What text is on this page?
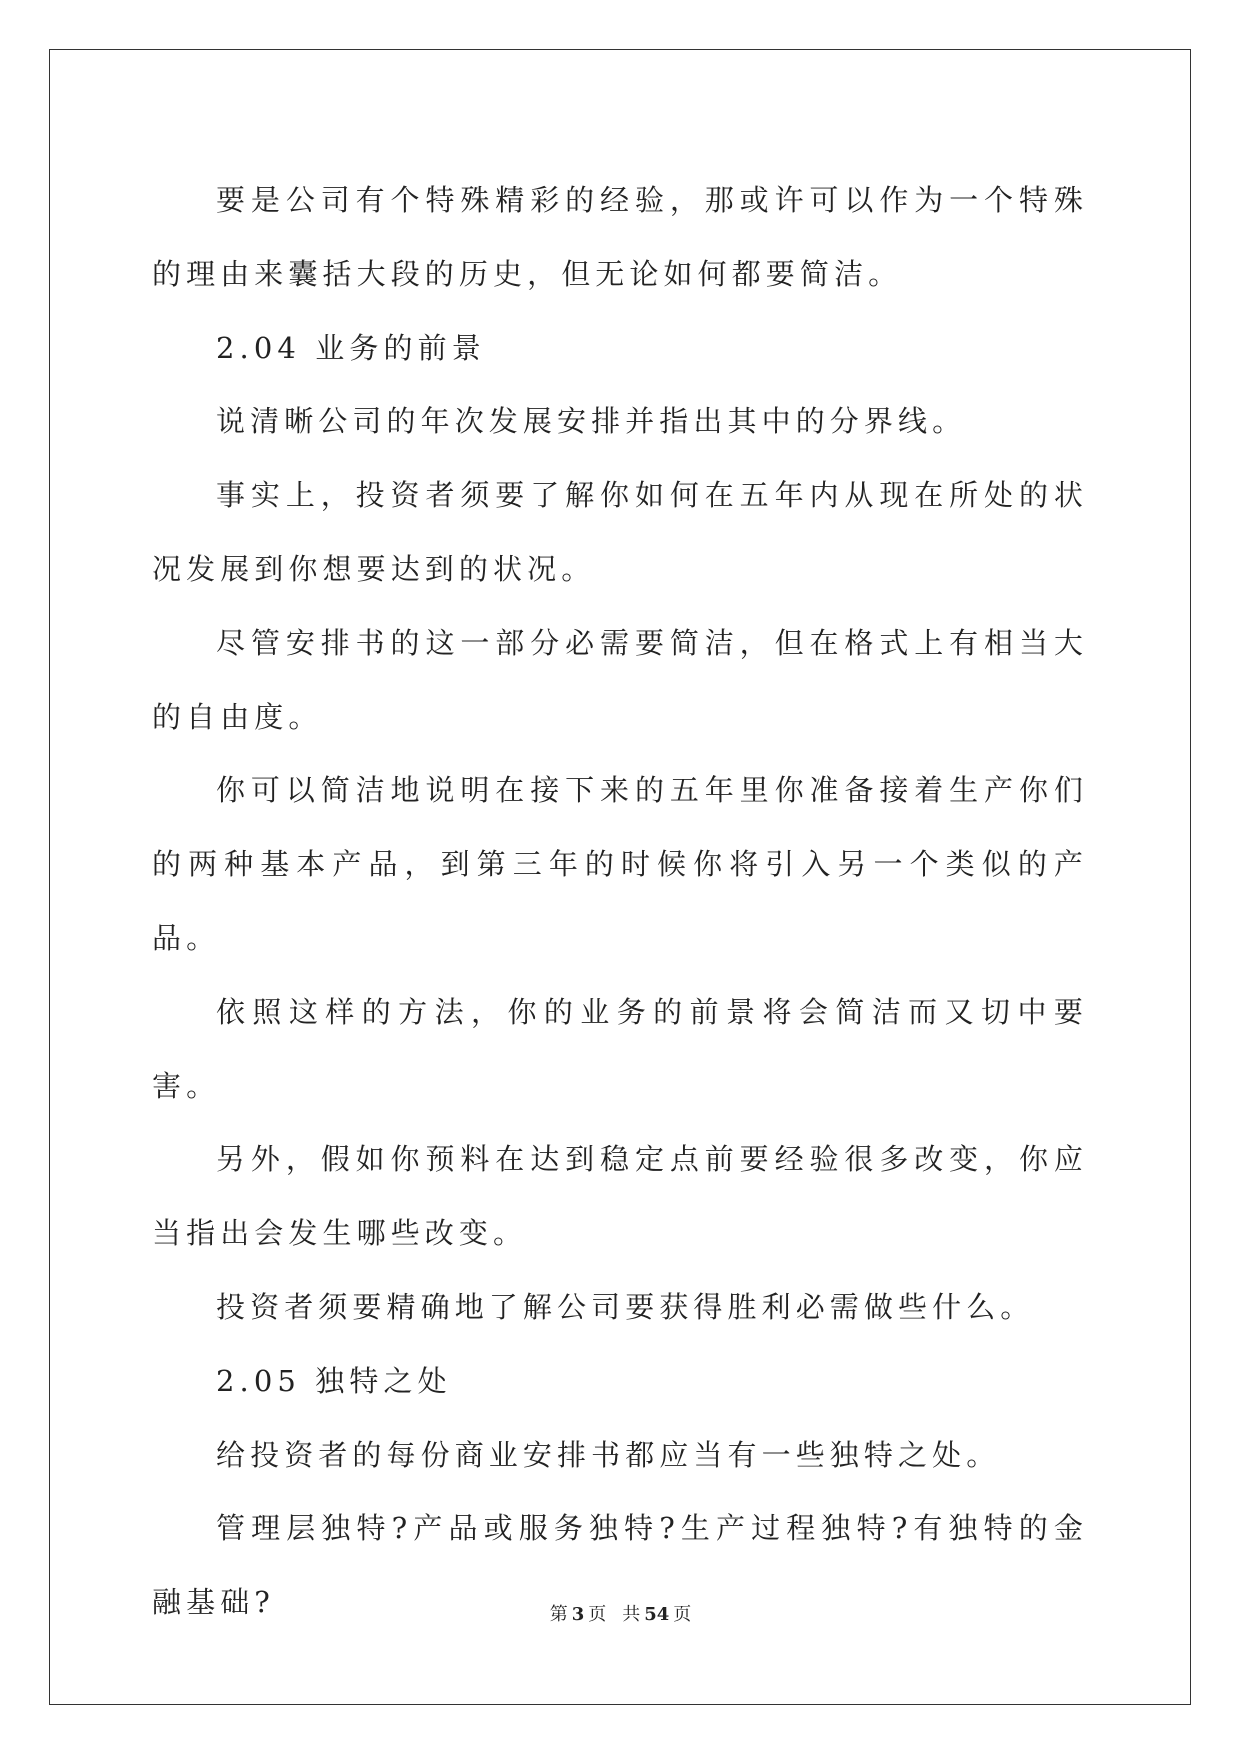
要是公司有个特殊精彩的经验，那或许可以作为一个特殊的理由来囊括大段的历史，但无论如何都要简洁。

2.04 业务的前景

说清晰公司的年次发展安排并指出其中的分界线。

事实上，投资者须要了解你如何在五年内从现在所处的状况发展到你想要达到的状况。

尽管安排书的这一部分必需要简洁，但在格式上有相当大的自由度。

你可以简洁地说明在接下来的五年里你准备接着生产你们的两种基本产品，到第三年的时候你将引入另一个类似的产品。

依照这样的方法，你的业务的前景将会简洁而又切中要害。

另外，假如你预料在达到稳定点前要经验很多改变，你应当指出会发生哪些改变。

投资者须要精确地了解公司要获得胜利必需做些什么。

2.05 独特之处

给投资者的每份商业安排书都应当有一些独特之处。

管理层独特?产品或服务独特?生产过程独特?有独特的金融基础?	第 3 页 共 54 页
